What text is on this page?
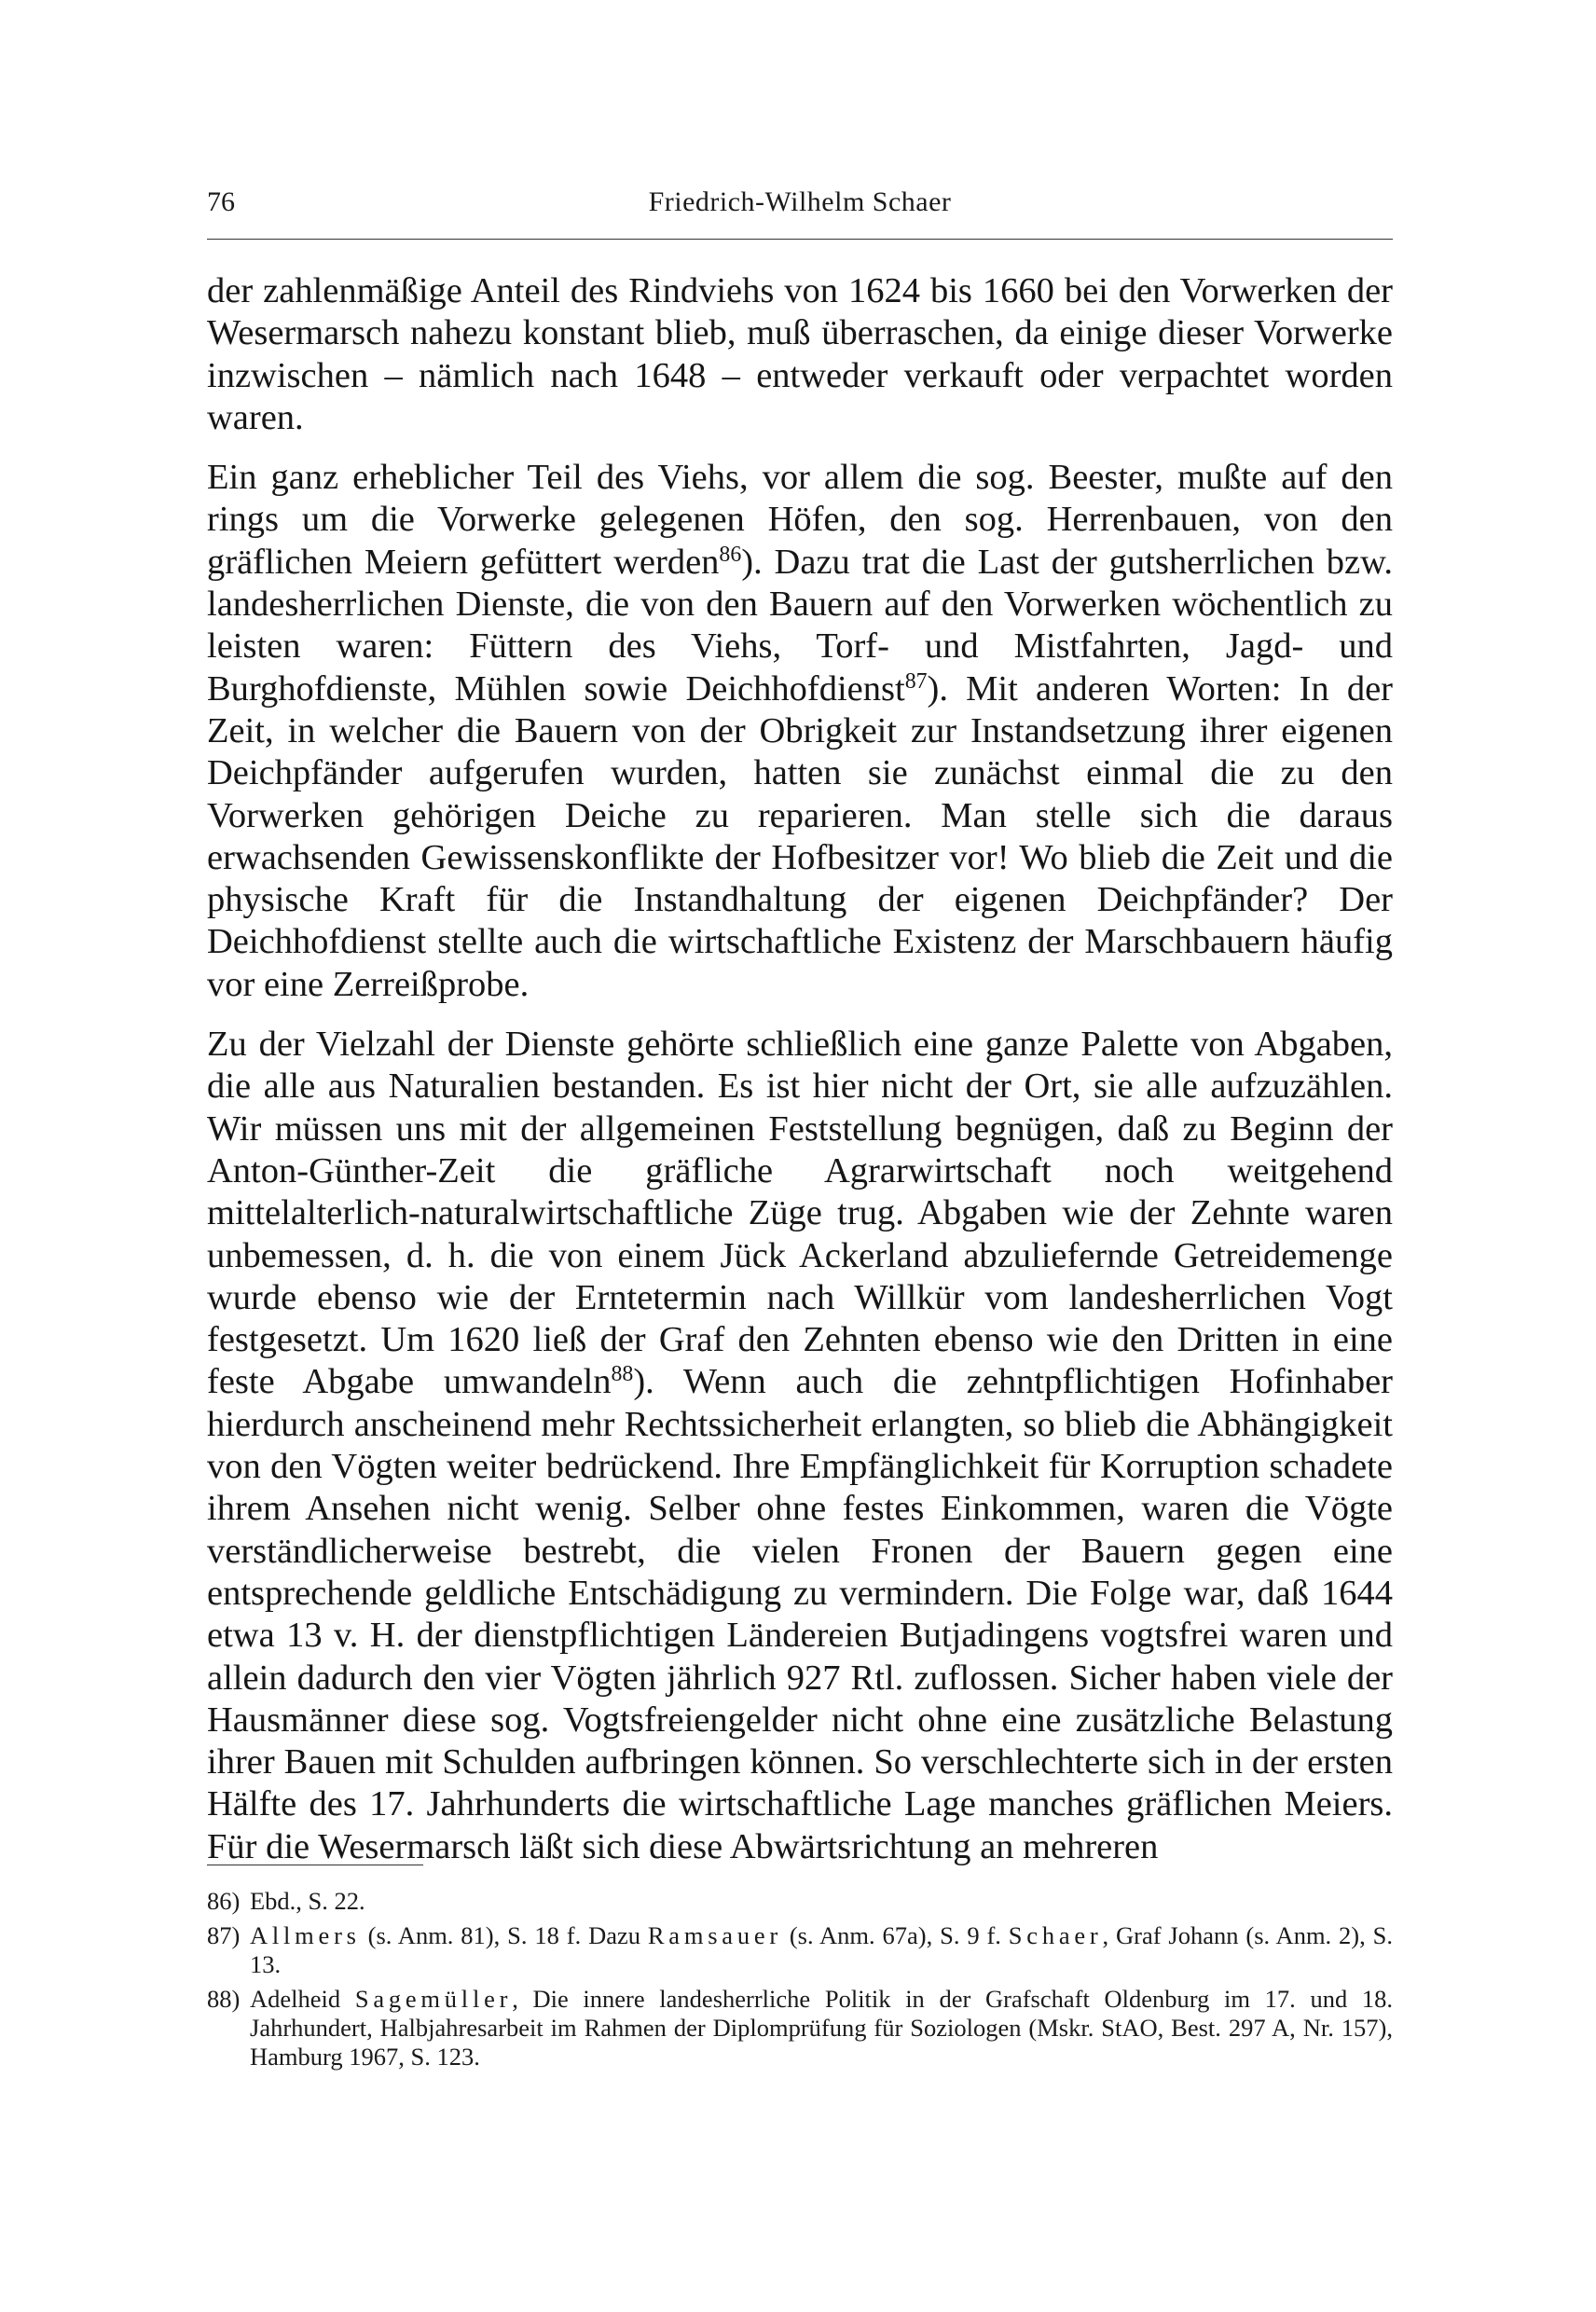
76	Friedrich-Wilhelm Schaer

der zahlenmäßige Anteil des Rindviehs von 1624 bis 1660 bei den Vorwerken der Wesermarsch nahezu konstant blieb, muß überraschen, da einige dieser Vorwerke inzwischen – nämlich nach 1648 – entweder verkauft oder verpachtet worden waren.

Ein ganz erheblicher Teil des Viehs, vor allem die sog. Beester, mußte auf den rings um die Vorwerke gelegenen Höfen, den sog. Herrenbauen, von den gräflichen Meiern gefüttert werden$^{86}$). Dazu trat die Last der gutsherrlichen bzw. landesherrlichen Dienste, die von den Bauern auf den Vorwerken wöchentlich zu leisten waren: Füttern des Viehs, Torf- und Mistfahrten, Jagd- und Burghofdienste, Mühlen sowie Deichhofdienst$^{87}$). Mit anderen Worten: In der Zeit, in welcher die Bauern von der Obrigkeit zur Instandsetzung ihrer eigenen Deichpfänder aufgerufen wurden, hatten sie zunächst einmal die zu den Vorwerken gehörigen Deiche zu reparieren. Man stelle sich die daraus erwachsenden Gewissenskonflikte der Hofbesitzer vor! Wo blieb die Zeit und die physische Kraft für die Instandhaltung der eigenen Deichpfänder? Der Deichhofdienst stellte auch die wirtschaftliche Existenz der Marschbauern häufig vor eine Zerreißprobe.

Zu der Vielzahl der Dienste gehörte schließlich eine ganze Palette von Abgaben, die alle aus Naturalien bestanden. Es ist hier nicht der Ort, sie alle aufzuzählen. Wir müssen uns mit der allgemeinen Feststellung begnügen, daß zu Beginn der Anton-Günther-Zeit die gräfliche Agrarwirtschaft noch weitgehend mittelalterlich-naturalwirtschaftliche Züge trug. Abgaben wie der Zehnte waren unbemessen, d. h. die von einem Jück Ackerland abzuliefernde Getreidemenge wurde ebenso wie der Erntetermin nach Willkür vom landesherrlichen Vogt festgesetzt. Um 1620 ließ der Graf den Zehnten ebenso wie den Dritten in eine feste Abgabe umwandeln$^{88}$). Wenn auch die zehntpflichtigen Hofinhaber hierdurch anscheinend mehr Rechtssicherheit erlangten, so blieb die Abhängigkeit von den Vögten weiter bedrückend. Ihre Empfänglichkeit für Korruption schadete ihrem Ansehen nicht wenig. Selber ohne festes Einkommen, waren die Vögte verständlicherweise bestrebt, die vielen Fronen der Bauern gegen eine entsprechende geldliche Entschädigung zu vermindern. Die Folge war, daß 1644 etwa 13 v. H. der dienstpflichtigen Ländereien Butjadingens vogtsfrei waren und allein dadurch den vier Vögten jährlich 927 Rtl. zuflossen. Sicher haben viele der Hausmänner diese sog. Vogtsfreiengelder nicht ohne eine zusätzliche Belastung ihrer Bauen mit Schulden aufbringen können. So verschlechterte sich in der ersten Hälfte des 17. Jahrhunderts die wirtschaftliche Lage manches gräflichen Meiers. Für die Wesermarsch läßt sich diese Abwärtsrichtung an mehreren

86) Ebd., S. 22.
87) Allmers (s. Anm. 81), S. 18 f. Dazu Ramsauer (s. Anm. 67a), S. 9 f. Schaer, Graf Johann (s. Anm. 2), S. 13.
88) Adelheid Sagemüller, Die innere landesherrliche Politik in der Grafschaft Oldenburg im 17. und 18. Jahrhundert, Halbjahresarbeit im Rahmen der Diplomprüfung für Soziologen (Mskr. StAO, Best. 297 A, Nr. 157), Hamburg 1967, S. 123.
